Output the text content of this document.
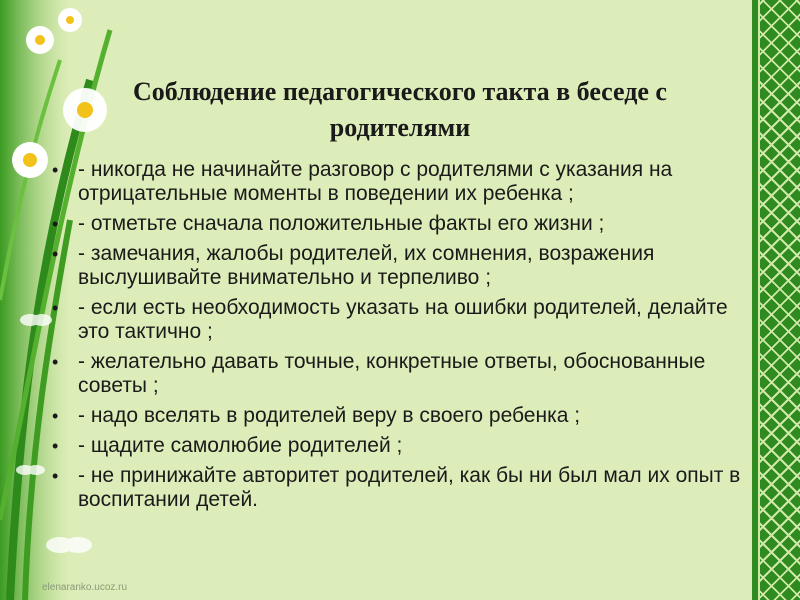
Соблюдение педагогического такта в беседе с родителями
• - никогда не начинайте разговор с родителями с указания на отрицательные моменты в поведении их ребенка ;
• - отметьте сначала положительные факты его жизни ;
• - замечания, жалобы родителей, их сомнения, возражения выслушивайте внимательно и терпеливо ;
• - если есть необходимость указать на ошибки родителей, делайте это тактично ;
• - желательно давать точные, конкретные ответы, обоснованные советы ;
• - надо вселять в родителей веру в своего ребенка ;
• - щадите самолюбие родителей ;
• - не принижайте авторитет родителей, как бы ни был мал их опыт в воспитании детей.
elenaranko.ucoz.ru
